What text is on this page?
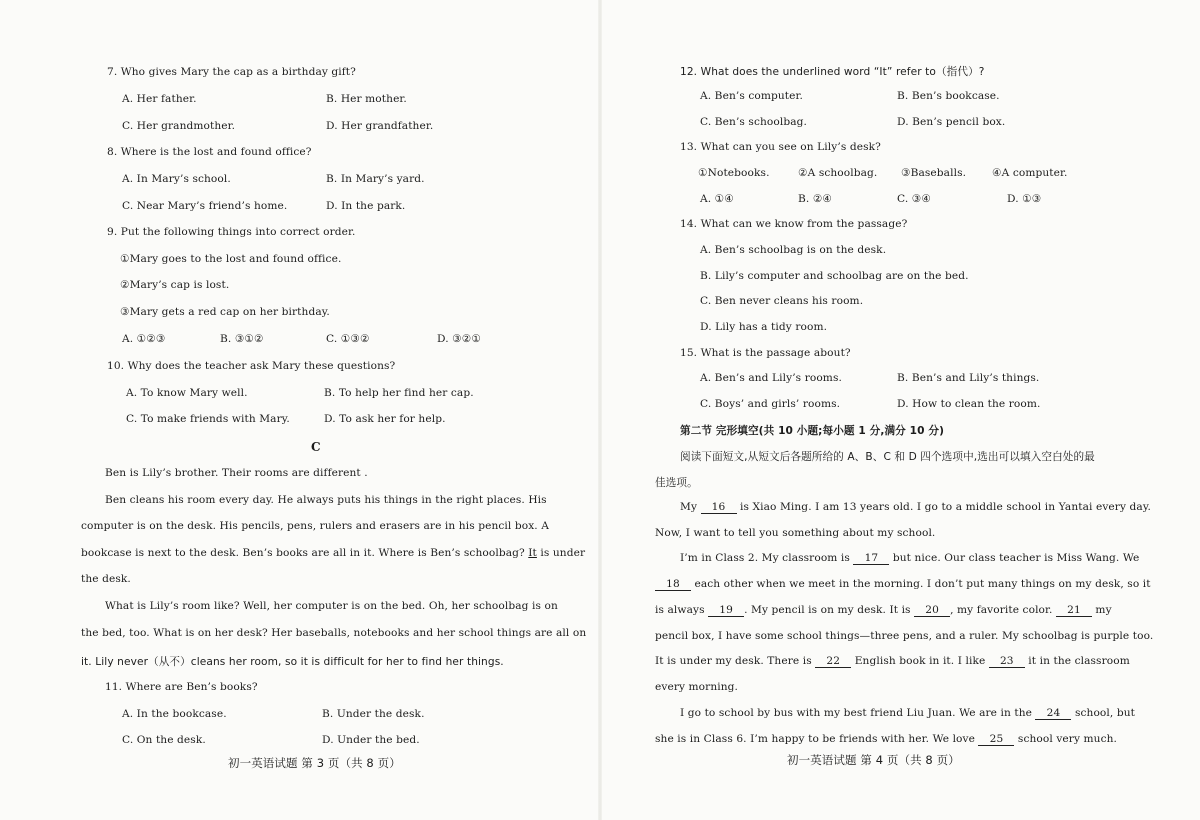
7. Who gives Mary the cap as a birthday gift?
A. Her father.	B. Her mother.
C. Her grandmother.	D. Her grandfather.
8. Where is the lost and found office?
A. In Mary’s school.	B. In Mary’s yard.
C. Near Mary’s friend’s home.	D. In the park.
9. Put the following things into correct order.
①Mary goes to the lost and found office.
②Mary’s cap is lost.
③Mary gets a red cap on her birthday.
A. ①②③	B. ③①②	C. ①③②	D. ③②①
10. Why does the teacher ask Mary these questions?
A. To know Mary well.	B. To help her find her cap.
C. To make friends with Mary.	D. To ask her for help.
C
Ben is Lily’s brother. Their rooms are different .
Ben cleans his room every day. He always puts his things in the right places. His
computer is on the desk. His pencils, pens, rulers and erasers are in his pencil box. A
bookcase is next to the desk. Ben’s books are all in it. Where is Ben’s schoolbag? It is under
the desk.
What is Lily’s room like? Well, her computer is on the bed. Oh, her schoolbag is on
the bed, too. What is on her desk? Her baseballs, notebooks and her school things are all on
it. Lily never（从不）cleans her room, so it is difficult for her to find her things.
11. Where are Ben’s books?
A. In the bookcase.	B. Under the desk.
C. On the desk.	D. Under the bed.
初一英语试题 第 3 页（共 8 页）
12. What does the underlined word “It” refer to（指代）?
A. Ben’s computer.	B. Ben’s bookcase.
C. Ben’s schoolbag.	D. Ben’s pencil box.
13. What can you see on Lily’s desk?
①Notebooks.	②A schoolbag. ③Baseballs. ④A computer.
A. ①④	B. ②④	C. ③④	D. ①③
14. What can we know from the passage?
A. Ben’s schoolbag is on the desk.
B. Lily’s computer and schoolbag are on the bed.
C. Ben never cleans his room.
D. Lily has a tidy room.
15. What is the passage about?
A. Ben’s and Lily’s rooms.	B. Ben’s and Lily’s things.
C. Boys’ and girls’ rooms.	D. How to clean the room.
第二节 完形填空(共 10 小题;每小题 1 分,满分 10 分)
阅读下面短文,从短文后各题所给的 A、B、C 和 D 四个选项中,选出可以填入空白处的最
佳选项。
My 16 is Xiao Ming. I am 13 years old. I go to a middle school in Yantai every day.
Now, I want to tell you something about my school.
I’m in Class 2. My classroom is 17 but nice. Our class teacher is Miss Wang. We
18 each other when we meet in the morning. I don’t put many things on my desk, so it
is always 19 . My pencil is on my desk. It is 20 , my favorite color. 21 my
pencil box, I have some school things—three pens, and a ruler. My schoolbag is purple too.
It is under my desk. There is 22 English book in it. I like 23 it in the classroom
every morning.
I go to school by bus with my best friend Liu Juan. We are in the 24 school, but
she is in Class 6. I’m happy to be friends with her. We love 25 school very much.
初一英语试题 第 4 页（共 8 页）
